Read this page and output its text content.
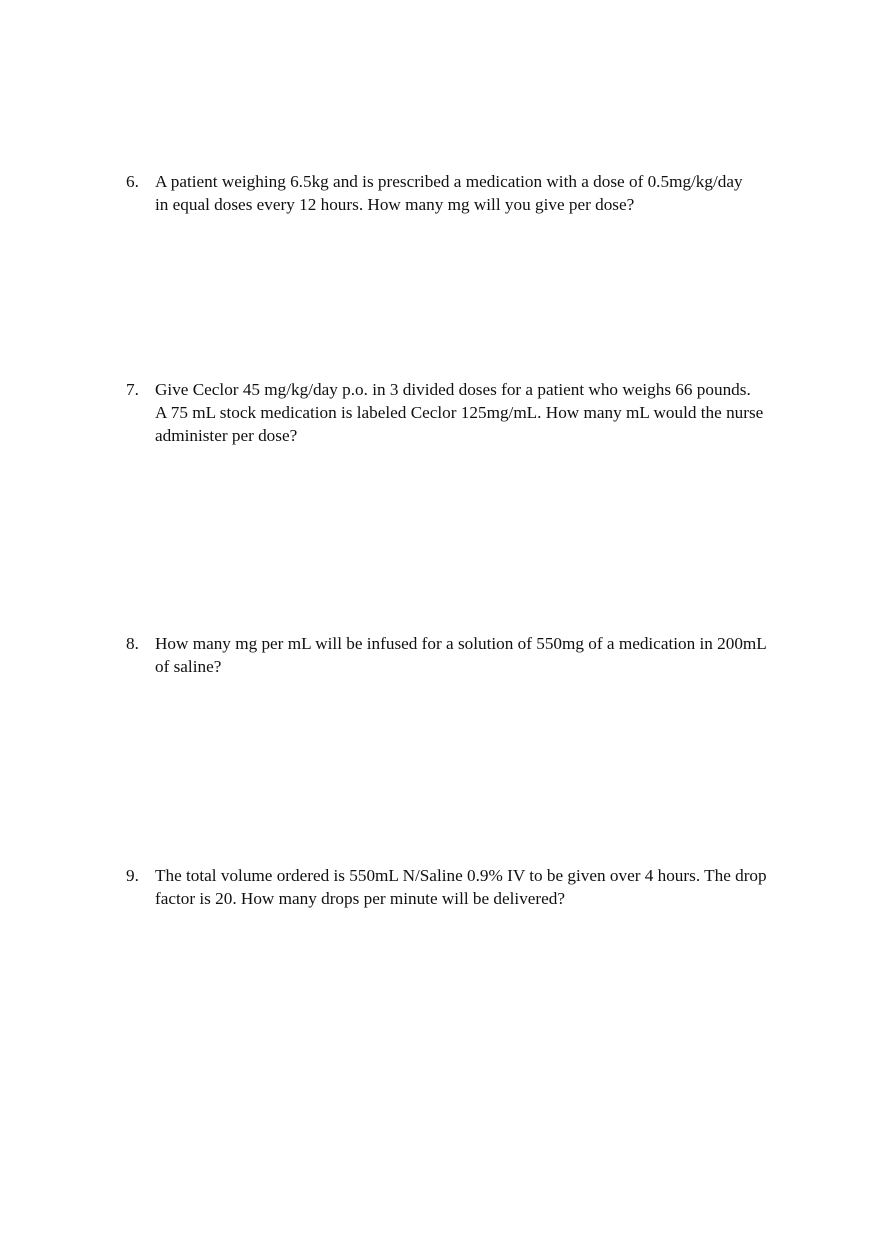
6. A patient weighing 6.5kg and is prescribed a medication with a dose of 0.5mg/kg/day
in equal doses every 12 hours. How many mg will you give per dose?
7. Give Ceclor 45 mg/kg/day p.o. in 3 divided doses for a patient who weighs 66 pounds.
A 75 mL stock medication is labeled Ceclor 125mg/mL. How many mL would the nurse
administer per dose?
8. How many mg per mL will be infused for a solution of 550mg of a medication in 200mL
of saline?
9. The total volume ordered is 550mL N/Saline 0.9% IV to be given over 4 hours. The drop
factor is 20. How many drops per minute will be delivered?
